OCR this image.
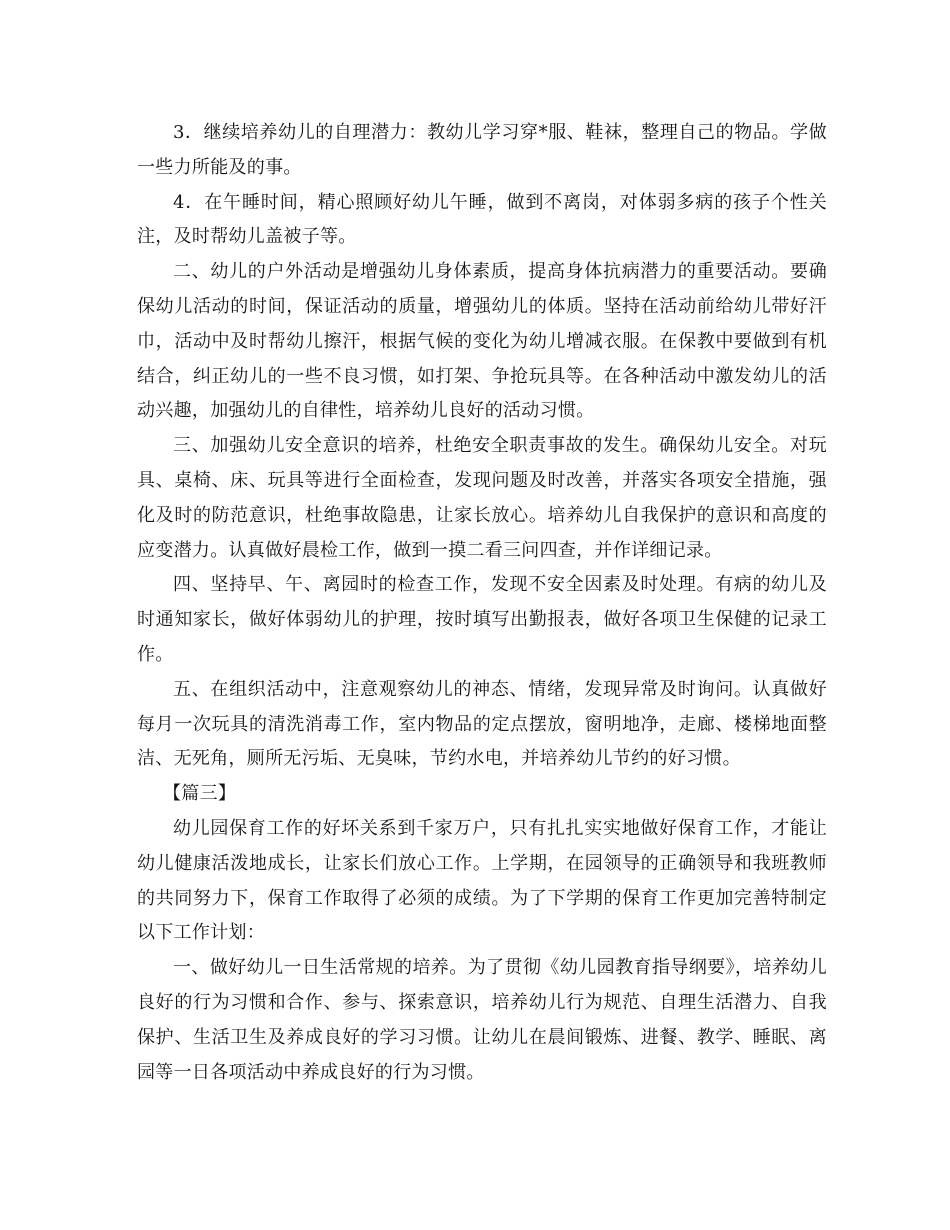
3．继续培养幼儿的自理潜力：教幼儿学习穿*服、鞋袜，整理自己的物品。学做一些力所能及的事。

4．在午睡时间，精心照顾好幼儿午睡，做到不离岗，对体弱多病的孩子个性关注，及时帮幼儿盖被子等。

二、幼儿的户外活动是增强幼儿身体素质，提高身体抗病潜力的重要活动。要确保幼儿活动的时间，保证活动的质量，增强幼儿的体质。坚持在活动前给幼儿带好汗巾，活动中及时帮幼儿擦汗，根据气候的变化为幼儿增减衣服。在保教中要做到有机结合，纠正幼儿的一些不良习惯，如打架、争抢玩具等。在各种活动中激发幼儿的活动兴趣，加强幼儿的自律性，培养幼儿良好的活动习惯。

三、加强幼儿安全意识的培养，杜绝安全职责事故的发生。确保幼儿安全。对玩具、桌椅、床、玩具等进行全面检查，发现问题及时改善，并落实各项安全措施，强化及时的防范意识，杜绝事故隐患，让家长放心。培养幼儿自我保护的意识和高度的应变潜力。认真做好晨检工作，做到一摸二看三问四查，并作详细记录。

四、坚持早、午、离园时的检查工作，发现不安全因素及时处理。有病的幼儿及时通知家长，做好体弱幼儿的护理，按时填写出勤报表，做好各项卫生保健的记录工作。

五、在组织活动中，注意观察幼儿的神态、情绪，发现异常及时询问。认真做好每月一次玩具的清洗消毒工作，室内物品的定点摆放，窗明地净，走廊、楼梯地面整洁、无死角，厕所无污垢、无臭味，节约水电，并培养幼儿节约的好习惯。

【篇三】

幼儿园保育工作的好坏关系到千家万户，只有扎扎实实地做好保育工作，才能让幼儿健康活泼地成长，让家长们放心工作。上学期，在园领导的正确领导和我班教师的共同努力下，保育工作取得了必须的成绩。为了下学期的保育工作更加完善特制定以下工作计划：

一、做好幼儿一日生活常规的培养。为了贯彻《幼儿园教育指导纲要》，培养幼儿良好的行为习惯和合作、参与、探索意识，培养幼儿行为规范、自理生活潜力、自我保护、生活卫生及养成良好的学习习惯。让幼儿在晨间锻炼、进餐、教学、睡眠、离园等一日各项活动中养成良好的行为习惯。
